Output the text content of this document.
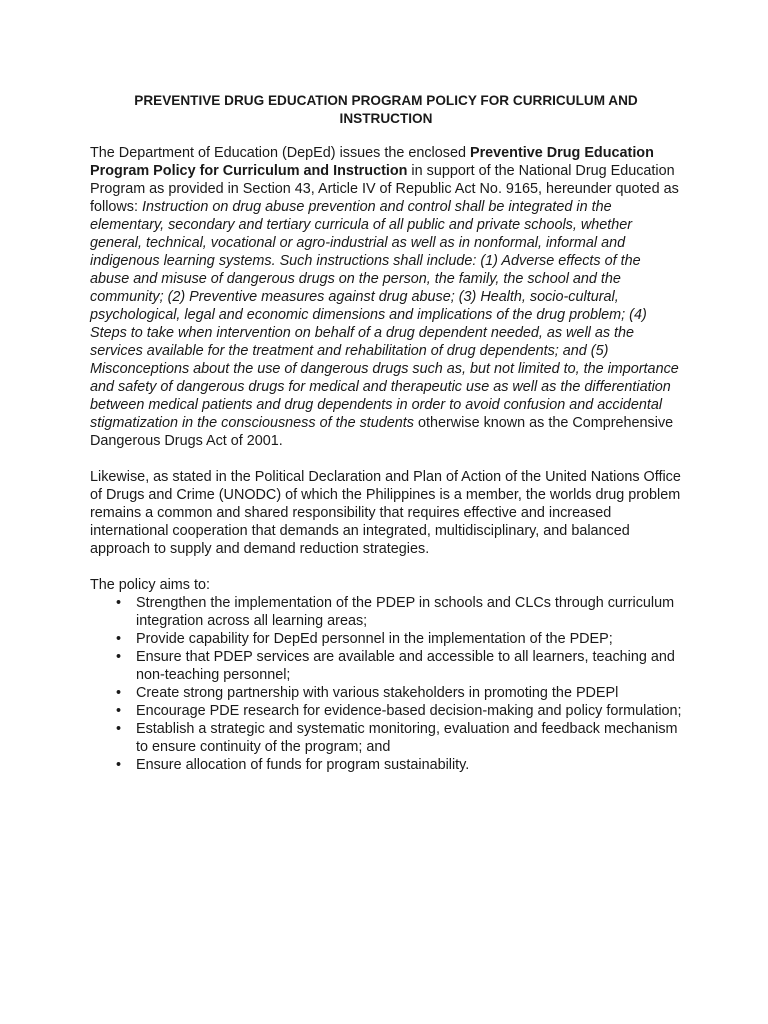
PREVENTIVE DRUG EDUCATION PROGRAM POLICY FOR CURRICULUM AND INSTRUCTION

The Department of Education (DepEd) issues the enclosed Preventive Drug Education Program Policy for Curriculum and Instruction in support of the National Drug Education Program as provided in Section 43, Article IV of Republic Act No. 9165, hereunder quoted as follows: Instruction on drug abuse prevention and control shall be integrated in the elementary, secondary and tertiary curricula of all public and private schools, whether general, technical, vocational or agro-industrial as well as in nonformal, informal and indigenous learning systems. Such instructions shall include: (1) Adverse effects of the abuse and misuse of dangerous drugs on the person, the family, the school and the community; (2) Preventive measures against drug abuse; (3) Health, socio-cultural, psychological, legal and economic dimensions and implications of the drug problem; (4) Steps to take when intervention on behalf of a drug dependent needed, as well as the services available for the treatment and rehabilitation of drug dependents; and (5) Misconceptions about the use of dangerous drugs such as, but not limited to, the importance and safety of dangerous drugs for medical and therapeutic use as well as the differentiation between medical patients and drug dependents in order to avoid confusion and accidental stigmatization in the consciousness of the students otherwise known as the Comprehensive Dangerous Drugs Act of 2001.

Likewise, as stated in the Political Declaration and Plan of Action of the United Nations Office of Drugs and Crime (UNODC) of which the Philippines is a member, the worlds drug problem remains a common and shared responsibility that requires effective and increased international cooperation that demands an integrated, multidisciplinary, and balanced approach to supply and demand reduction strategies.

The policy aims to:

• Strengthen the implementation of the PDEP in schools and CLCs through curriculum integration across all learning areas;
• Provide capability for DepEd personnel in the implementation of the PDEP;
• Ensure that PDEP services are available and accessible to all learners, teaching and non-teaching personnel;
• Create strong partnership with various stakeholders in promoting the PDEPl
• Encourage PDE research for evidence-based decision-making and policy formulation;
• Establish a strategic and systematic monitoring, evaluation and feedback mechanism to ensure continuity of the program; and
• Ensure allocation of funds for program sustainability.
